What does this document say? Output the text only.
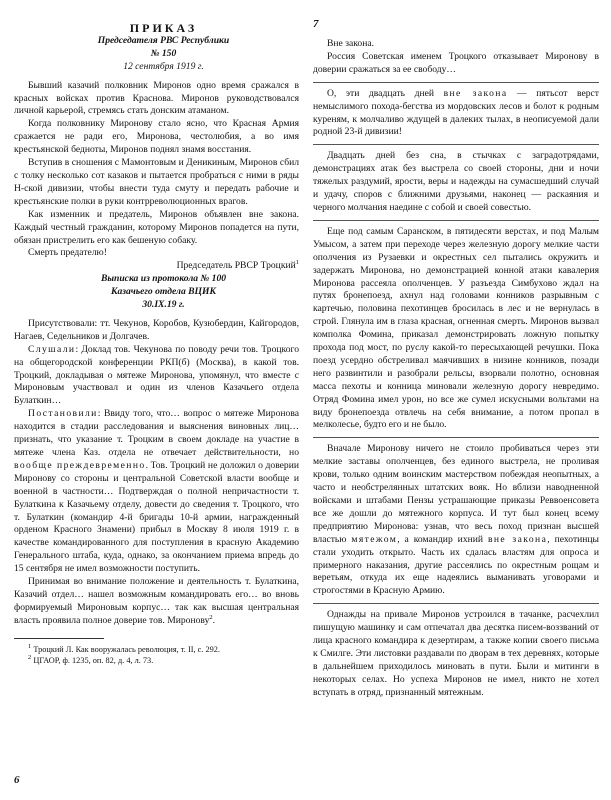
7

ПРИКАЗ

Председателя РВС Республики

№ 150

12 сентября 1919 г.

Бывший казачий полковник Миронов одно время сражался в красных войсках против Краснова. Миронов руководствовался личной карьерой, стремясь стать донским атаманом.

Когда полковнику Миронову стало ясно, что Красная Армия сражается не ради его, Миронова, честолюбия, а во имя крестьянской бедноты, Миронов поднял знамя восстания.

Вступив в сношения с Мамонтовым и Деникиным, Миронов сбил с толку несколько сот казаков и пытается пробраться с ними в ряды Н-ской дивизии, чтобы внести туда смуту и передать рабочие и крестьянские полки в руки контрреволюционных врагов.

Как изменник и предатель, Миронов объявлен вне закона. Каждый честный гражданин, которому Миронов попадется на пути, обязан пристрелить его как бешеную собаку.

Смерть предателю!

Председатель РВСР Троцкий$^1$

Выписка из протокола № 100

Казачьего отдела ВЦИК

30.IX.19 г.

Присутствовали: тт. Чекунов, Коробов, Кузюбердин, Кайгородов, Нагаев, Седельников и Долгачев.

Слушали: Доклад тов. Чекунова по поводу речи тов. Троцкого на общегородской конференции РКП(б) (Москва), в какой тов. Троцкий, докладывая о мятеже Миронова, упомянул, что вместе с Мироновым участвовал и один из членов Казачьего отдела Булаткин…

Постановили: Ввиду того, что… вопрос о мятеже Миронова находится в стадии расследования и выяснения виновных лиц… признать, что указание т. Троцким в своем докладе на участие в мятеже члена Каз. отдела не отвечает действительности, но вообще преждевременно. Тов. Троцкий не доложил о доверии Миронову со стороны и центральной Советской власти вообще и военной в частности… Подтверждая о полной непричастности т. Булаткина к Казачьему отделу, довести до сведения т. Троцкого, что т. Булаткин (командир 4-й бригады 10-й армии, награжденный орденом Красного Знамени) прибыл в Москву 8 июля 1919 г. в качестве командированного для поступления в красную Академию Генерального штаба, куда, однако, за окончанием приема впредь до 15 сентября не имел возможности поступить.

Принимая во внимание положение и деятельность т. Булаткина, Казачий отдел… нашел возможным командировать его… во вновь формируемый Мироновым корпус… так как высшая центральная власть проявила полное доверие тов. Миронову$^2$.

$^1$ Троцкий Л. Как вооружалась революция, т. II, с. 292.

$^2$ ЦГАОР, ф. 1235, оп. 82, д. 4, л. 73.

Вне закона.

Россия Советская именем Троцкого отказывает Миронову в доверии сражаться за ее свободу…

О, эти двадцать дней вне закона — пятьсот верст немыслимого похода-бегства из мордовских лесов и болот к родным куреням, к молчаливо ждущей в далеких тылах, в неописуемой дали родной 23-й дивизии!

Двадцать дней без сна, в стычках с заградотрядами, демонстрациях атак без выстрела со своей стороны, дни и ночи тяжелых раздумий, ярости, веры и надежды на сумасшедший случай и удачу, споров с ближними друзьями, наконец — раскаяния и черного молчания наедине с собой и своей совестью.

Еще под самым Саранском, в пятидесяти верстах, и под Малым Умысом, а затем при переходе через железную дорогу мелкие части ополчения из Рузаевки и окрестных сел пытались окружить и задержать Миронова, но демонстрацией конной атаки кавалерия Миронова рассеяла ополченцев. У разъезда Симбухово ждал на путях бронепоезд, ахнул над головами конников разрывным с картечью, половина пехотинцев бросилась в лес и не вернулась в строй. Глянула им в глаза красная, огненная смерть. Миронов вызвал комполка Фомина, приказал демонстрировать ложную попытку прохода под мост, по руслу какой-то пересыхающей речушки. Пока поезд усердно обстреливал маячивших в низине конников, позади него развинтили и разобрали рельсы, взорвали полотно, основная масса пехоты и конница миновали железную дорогу невредимо. Отряд Фомина имел урон, но все же сумел искусными вольтами на виду бронепоезда отвлечь на себя внимание, а потом пропал в мелколесье, будто его и не было.

Вначале Миронову ничего не стоило пробиваться через эти мелкие заставы ополченцев, без единого выстрела, не проливая крови, только одним воинским мастерством побеждая неопытных, а часто и необстрелянных штатских вояк. Но вблизи наводненной войсками и штабами Пензы устрашающие приказы Реввоенсовета все же дошли до мятежного корпуса. И тут был конец всему предприятию Миронова: узнав, что весь поход признан высшей властью мятежом, а командир ихний вне закона, пехотинцы стали уходить открыто. Часть их сдалась властям для опроса и примерного наказания, другие рассеялись по окрестным рощам и веретьям, откуда их еще надеялись выманивать уговорами и строгостями в Красную Армию.

Однажды на привале Миронов устроился в тачанке, расчехлил пишущую машинку и сам отпечатал два десятка писем-воззваний от лица красного командира к дезертирам, а также копии своего письма к Смилге. Эти листовки раздавали по дворам в тех деревнях, которые в дальнейшем приходилось миновать в пути. Были и митинги в некоторых селах. Но успеха Миронов не имел, никто не хотел вступать в отряд, признанный мятежным.

6
